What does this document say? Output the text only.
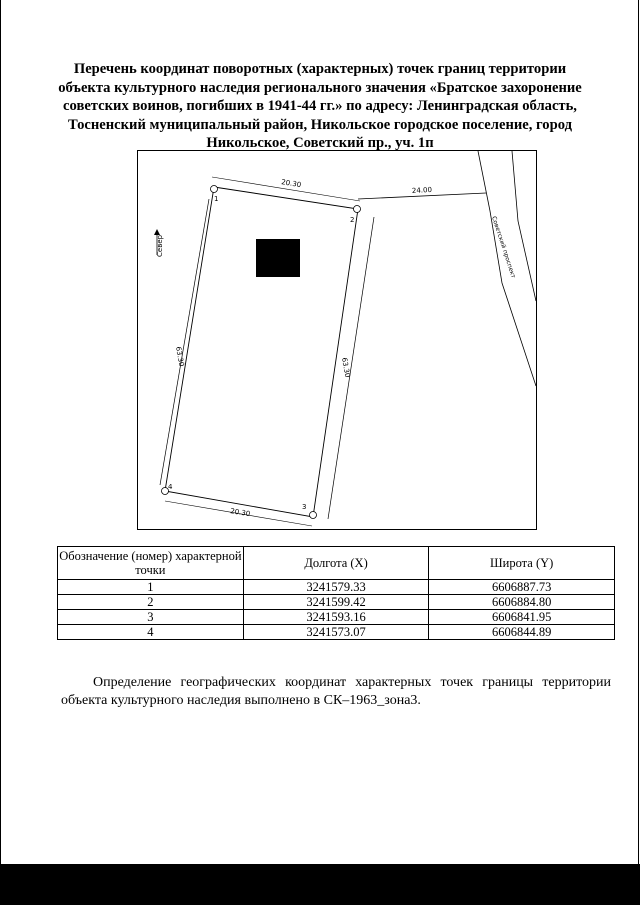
Перечень координат поворотных (характерных) точек границ территории
объекта культурного наследия регионального значения «Братское захоронение
советских воинов, погибших в 1941-44 гг.» по адресу: Ленинградская область,
Тосненский муниципальный район, Никольское городское поселение, город
Никольское, Советский пр., уч. 1п
Советский проспект
Север
1
2
3
4
20.30
20.30
63.30
63.30
24.00
Обозначение (номер) характерной точки	Долгота (X)	Широта (Y)
1	3241579.33	6606887.73
2	3241599.42	6606884.80
3	3241593.16	6606841.95
4	3241573.07	6606844.89

Определение географических координат характерных точек границы территории объекта культурного наследия выполнено в СК–1963_зона3.
